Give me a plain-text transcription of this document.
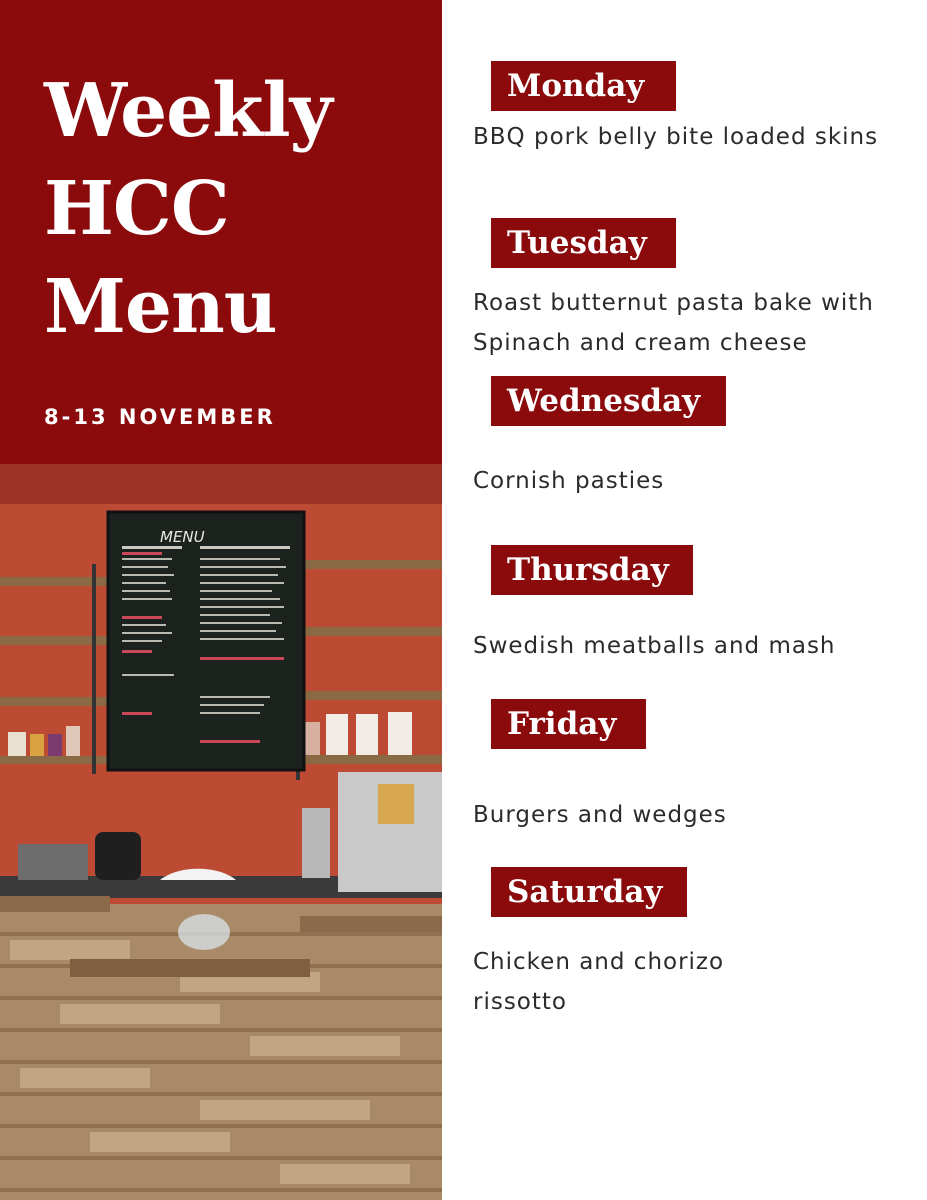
Weekly
HCC
Menu
8-13 NOVEMBER
MENU
Monday
BBQ pork belly bite loaded skins
Tuesday
Roast butternut pasta bake with Spinach and cream cheese
Wednesday
Cornish pasties
Thursday
Swedish meatballs and mash
Friday
Burgers and wedges
Saturday
Chicken and chorizo rissotto
